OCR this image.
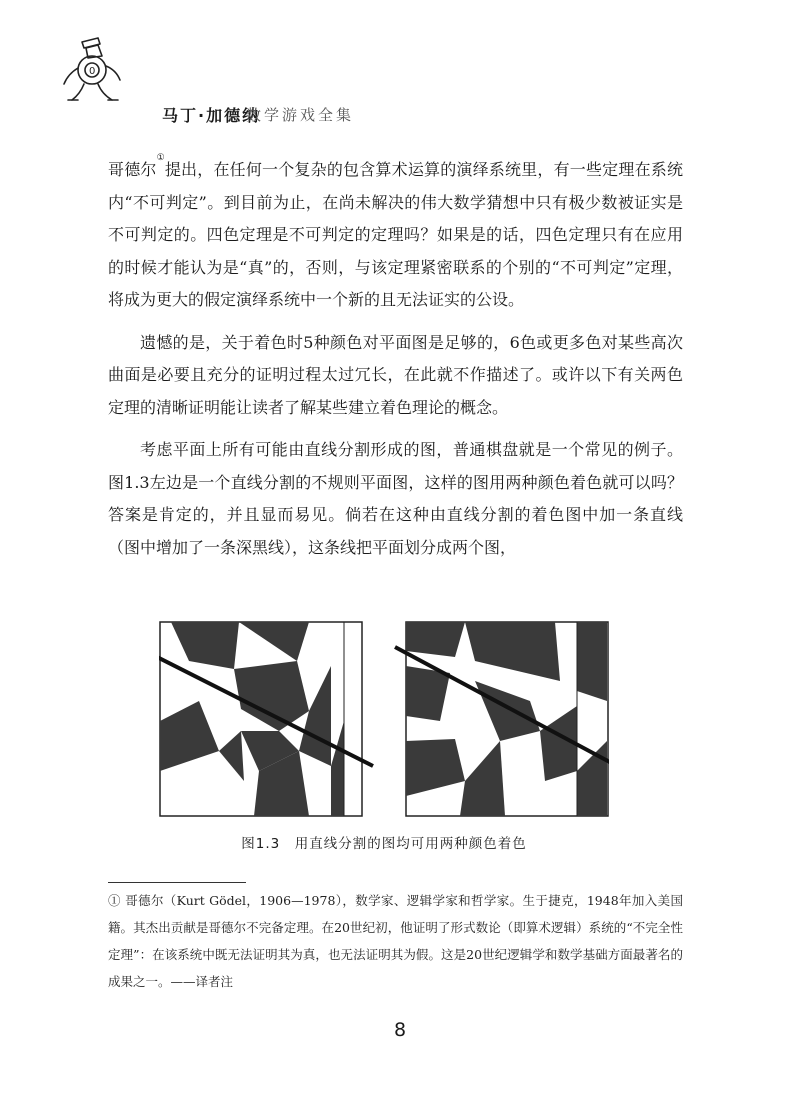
0
马丁·加德纳
数学游戏全集

哥德尔①提出，在任何一个复杂的包含算术运算的演绎系统里，有一些定理在系统内“不可判定”。到目前为止，在尚未解决的伟大数学猜想中只有极少数被证实是不可判定的。四色定理是不可判定的定理吗？如果是的话，四色定理只有在应用的时候才能认为是“真”的，否则，与该定理紧密联系的个别的“不可判定”定理，将成为更大的假定演绎系统中一个新的且无法证实的公设。

遗憾的是，关于着色时5种颜色对平面图是足够的，6色或更多色对某些高次曲面是必要且充分的证明过程太过冗长，在此就不作描述了。或许以下有关两色定理的清晰证明能让读者了解某些建立着色理论的概念。

考虑平面上所有可能由直线分割形成的图，普通棋盘就是一个常见的例子。图1.3左边是一个直线分割的不规则平面图，这样的图用两种颜色着色就可以吗？答案是肯定的，并且显而易见。倘若在这种由直线分割的着色图中加一条直线（图中增加了一条深黑线），这条线把平面划分成两个图，

图1.3　用直线分割的图均可用两种颜色着色
① 哥德尔（Kurt Gödel，1906—1978），数学家、逻辑学家和哲学家。生于捷克，1948年加入美国籍。其杰出贡献是哥德尔不完备定理。在20世纪初，他证明了形式数论（即算术逻辑）系统的“不完全性定理”：在该系统中既无法证明其为真，也无法证明其为假。这是20世纪逻辑学和数学基础方面最著名的成果之一。——译者注
8
